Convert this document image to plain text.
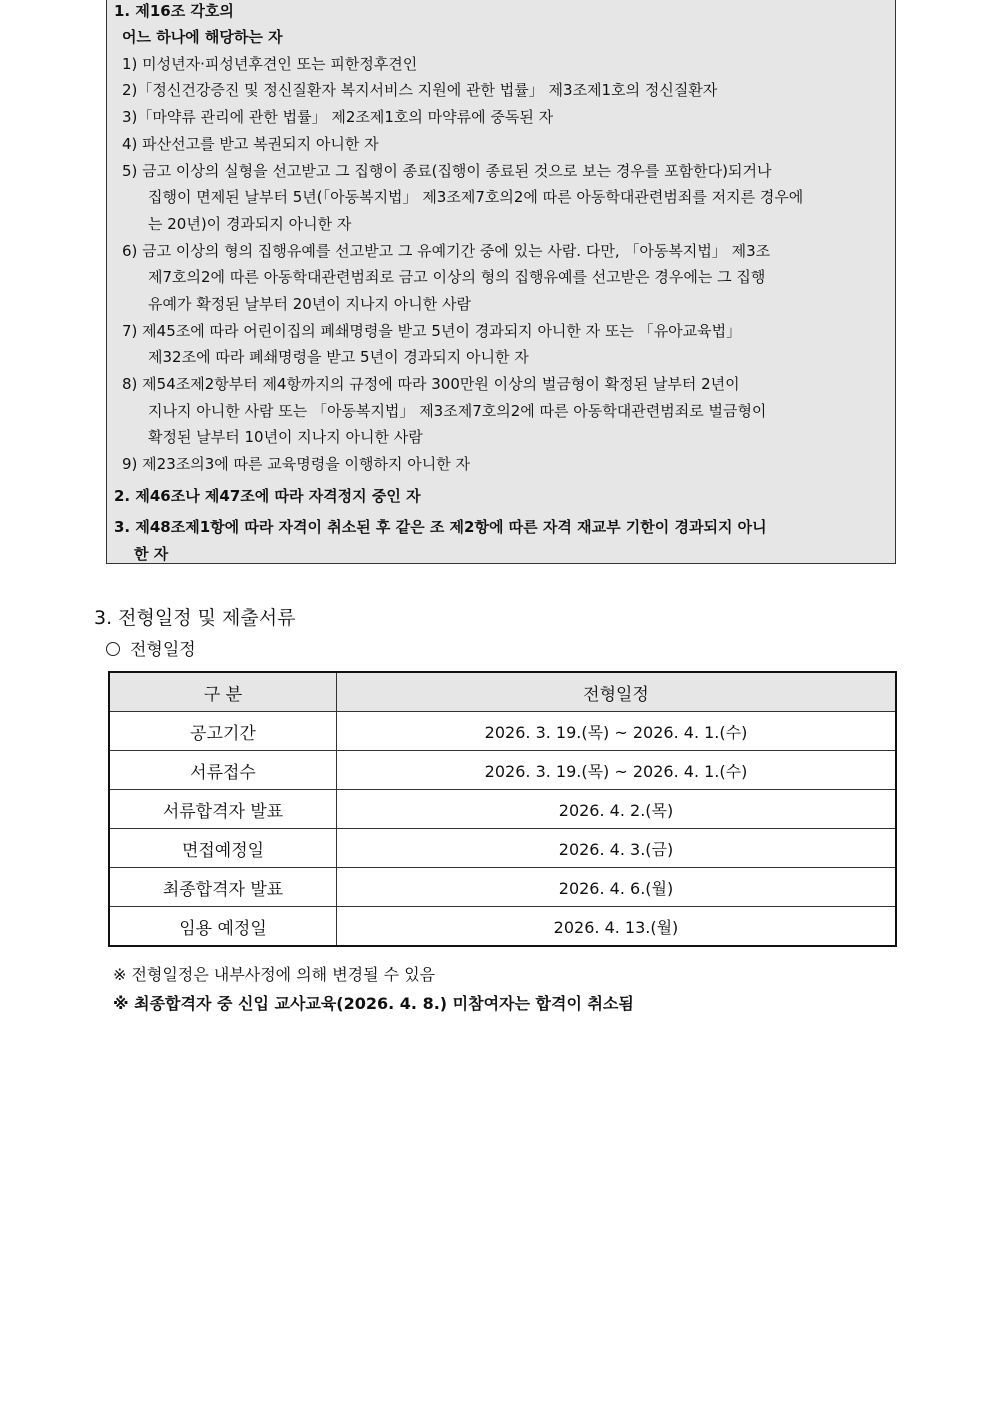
1. 제16조 각호의
어느 하나에 해당하는 자
1) 미성년자·피성년후견인 또는 피한정후견인
2)「정신건강증진 및 정신질환자 복지서비스 지원에 관한 법률」 제3조제1호의 정신질환자
3)「마약류 관리에 관한 법률」 제2조제1호의 마약류에 중독된 자
4) 파산선고를 받고 복권되지 아니한 자
5) 금고 이상의 실형을 선고받고 그 집행이 종료(집행이 종료된 것으로 보는 경우를 포함한다)되거나
집행이 면제된 날부터 5년(「아동복지법」 제3조제7호의2에 따른 아동학대관련범죄를 저지른 경우에
는 20년)이 경과되지 아니한 자
6) 금고 이상의 형의 집행유예를 선고받고 그 유예기간 중에 있는 사람. 다만, 「아동복지법」 제3조
제7호의2에 따른 아동학대관련범죄로 금고 이상의 형의 집행유예를 선고받은 경우에는 그 집행
유예가 확정된 날부터 20년이 지나지 아니한 사람
7) 제45조에 따라 어린이집의 폐쇄명령을 받고 5년이 경과되지 아니한 자 또는 「유아교육법」
제32조에 따라 폐쇄명령을 받고 5년이 경과되지 아니한 자
8) 제54조제2항부터 제4항까지의 규정에 따라 300만원 이상의 벌금형이 확정된 날부터 2년이
지나지 아니한 사람 또는 「아동복지법」 제3조제7호의2에 따른 아동학대관련범죄로 벌금형이
확정된 날부터 10년이 지나지 아니한 사람
9) 제23조의3에 따른 교육명령을 이행하지 아니한 자
2. 제46조나 제47조에 따라 자격정지 중인 자
3. 제48조제1항에 따라 자격이 취소된 후 같은 조 제2항에 따른 자격 재교부 기한이 경과되지 아니
한 자
3. 전형일정 및 제출서류
전형일정
구 분	전형일정
공고기간	2026. 3. 19.(목) ~ 2026. 4. 1.(수)
서류접수	2026. 3. 19.(목) ~ 2026. 4. 1.(수)
서류합격자 발표	2026. 4. 2.(목)
면접예정일	2026. 4. 3.(금)
최종합격자 발표	2026. 4. 6.(월)
임용 예정일	2026. 4. 13.(월)
※ 전형일정은 내부사정에 의해 변경될 수 있음
※ 최종합격자 중 신입 교사교육(2026. 4. 8.) 미참여자는 합격이 취소됨
